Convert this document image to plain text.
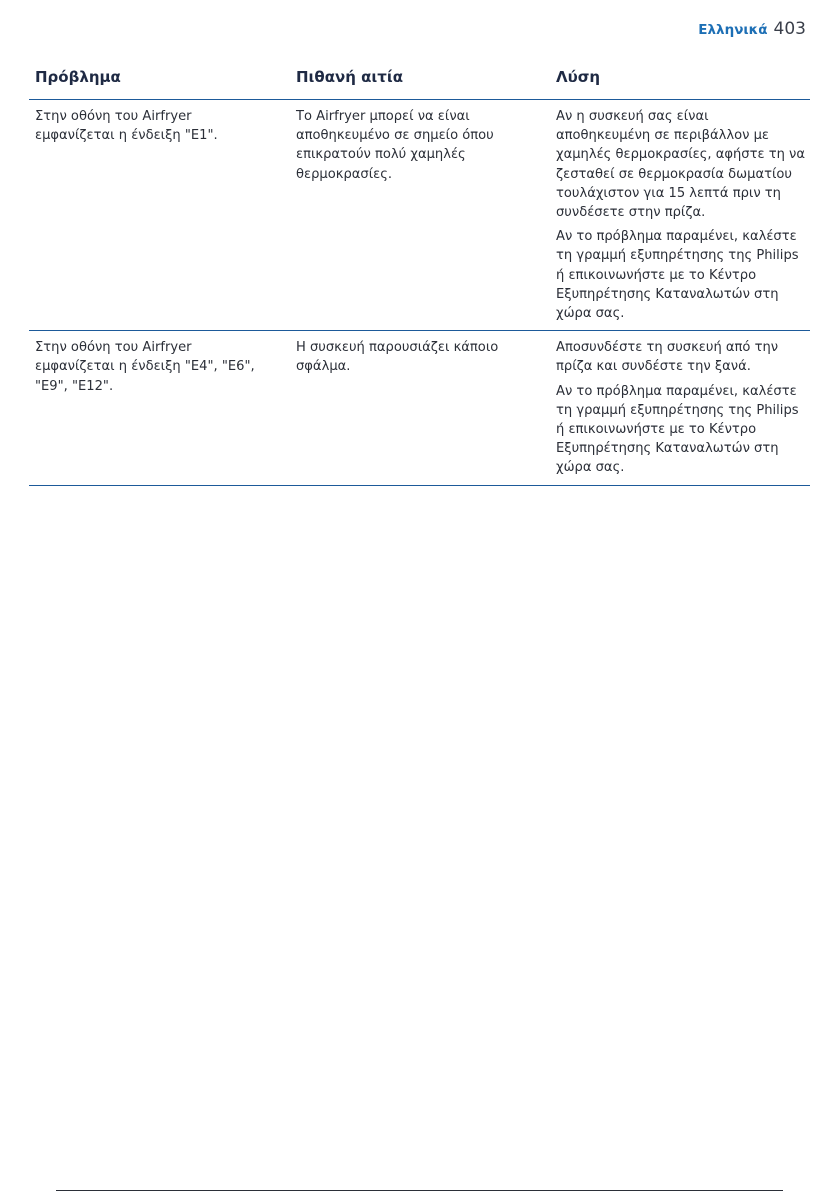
Ελληνικά 403
Πρόβλημα	Πιθανή αιτία	Λύση
Στην οθόνη του Airfryer εμφανίζεται η ένδειξη "E1".	Το Airfryer μπορεί να είναι αποθηκευμένο σε σημείο όπου επικρατούν πολύ χαμηλές θερμοκρασίες.	Αν η συσκευή σας είναι αποθηκευμένη σε περιβάλλον με χαμηλές θερμοκρασίες, αφήστε τη να ζεσταθεί σε θερμοκρασία δωματίου τουλάχιστον για 15 λεπτά πριν τη συνδέσετε στην πρίζα.

Αν το πρόβλημα παραμένει, καλέστε τη γραμμή εξυπηρέτησης της Philips ή επικοινωνήστε με το Κέντρο Εξυπηρέτησης Καταναλωτών στη χώρα σας.

Στην οθόνη του Airfryer εμφανίζεται η ένδειξη "E4", "E6", "E9", "E12".	Η συσκευή παρουσιάζει κάποιο σφάλμα.	Αποσυνδέστε τη συσκευή από την πρίζα και συνδέστε την ξανά.

Αν το πρόβλημα παραμένει, καλέστε τη γραμμή εξυπηρέτησης της Philips ή επικοινωνήστε με το Κέντρο Εξυπηρέτησης Καταναλωτών στη χώρα σας.
